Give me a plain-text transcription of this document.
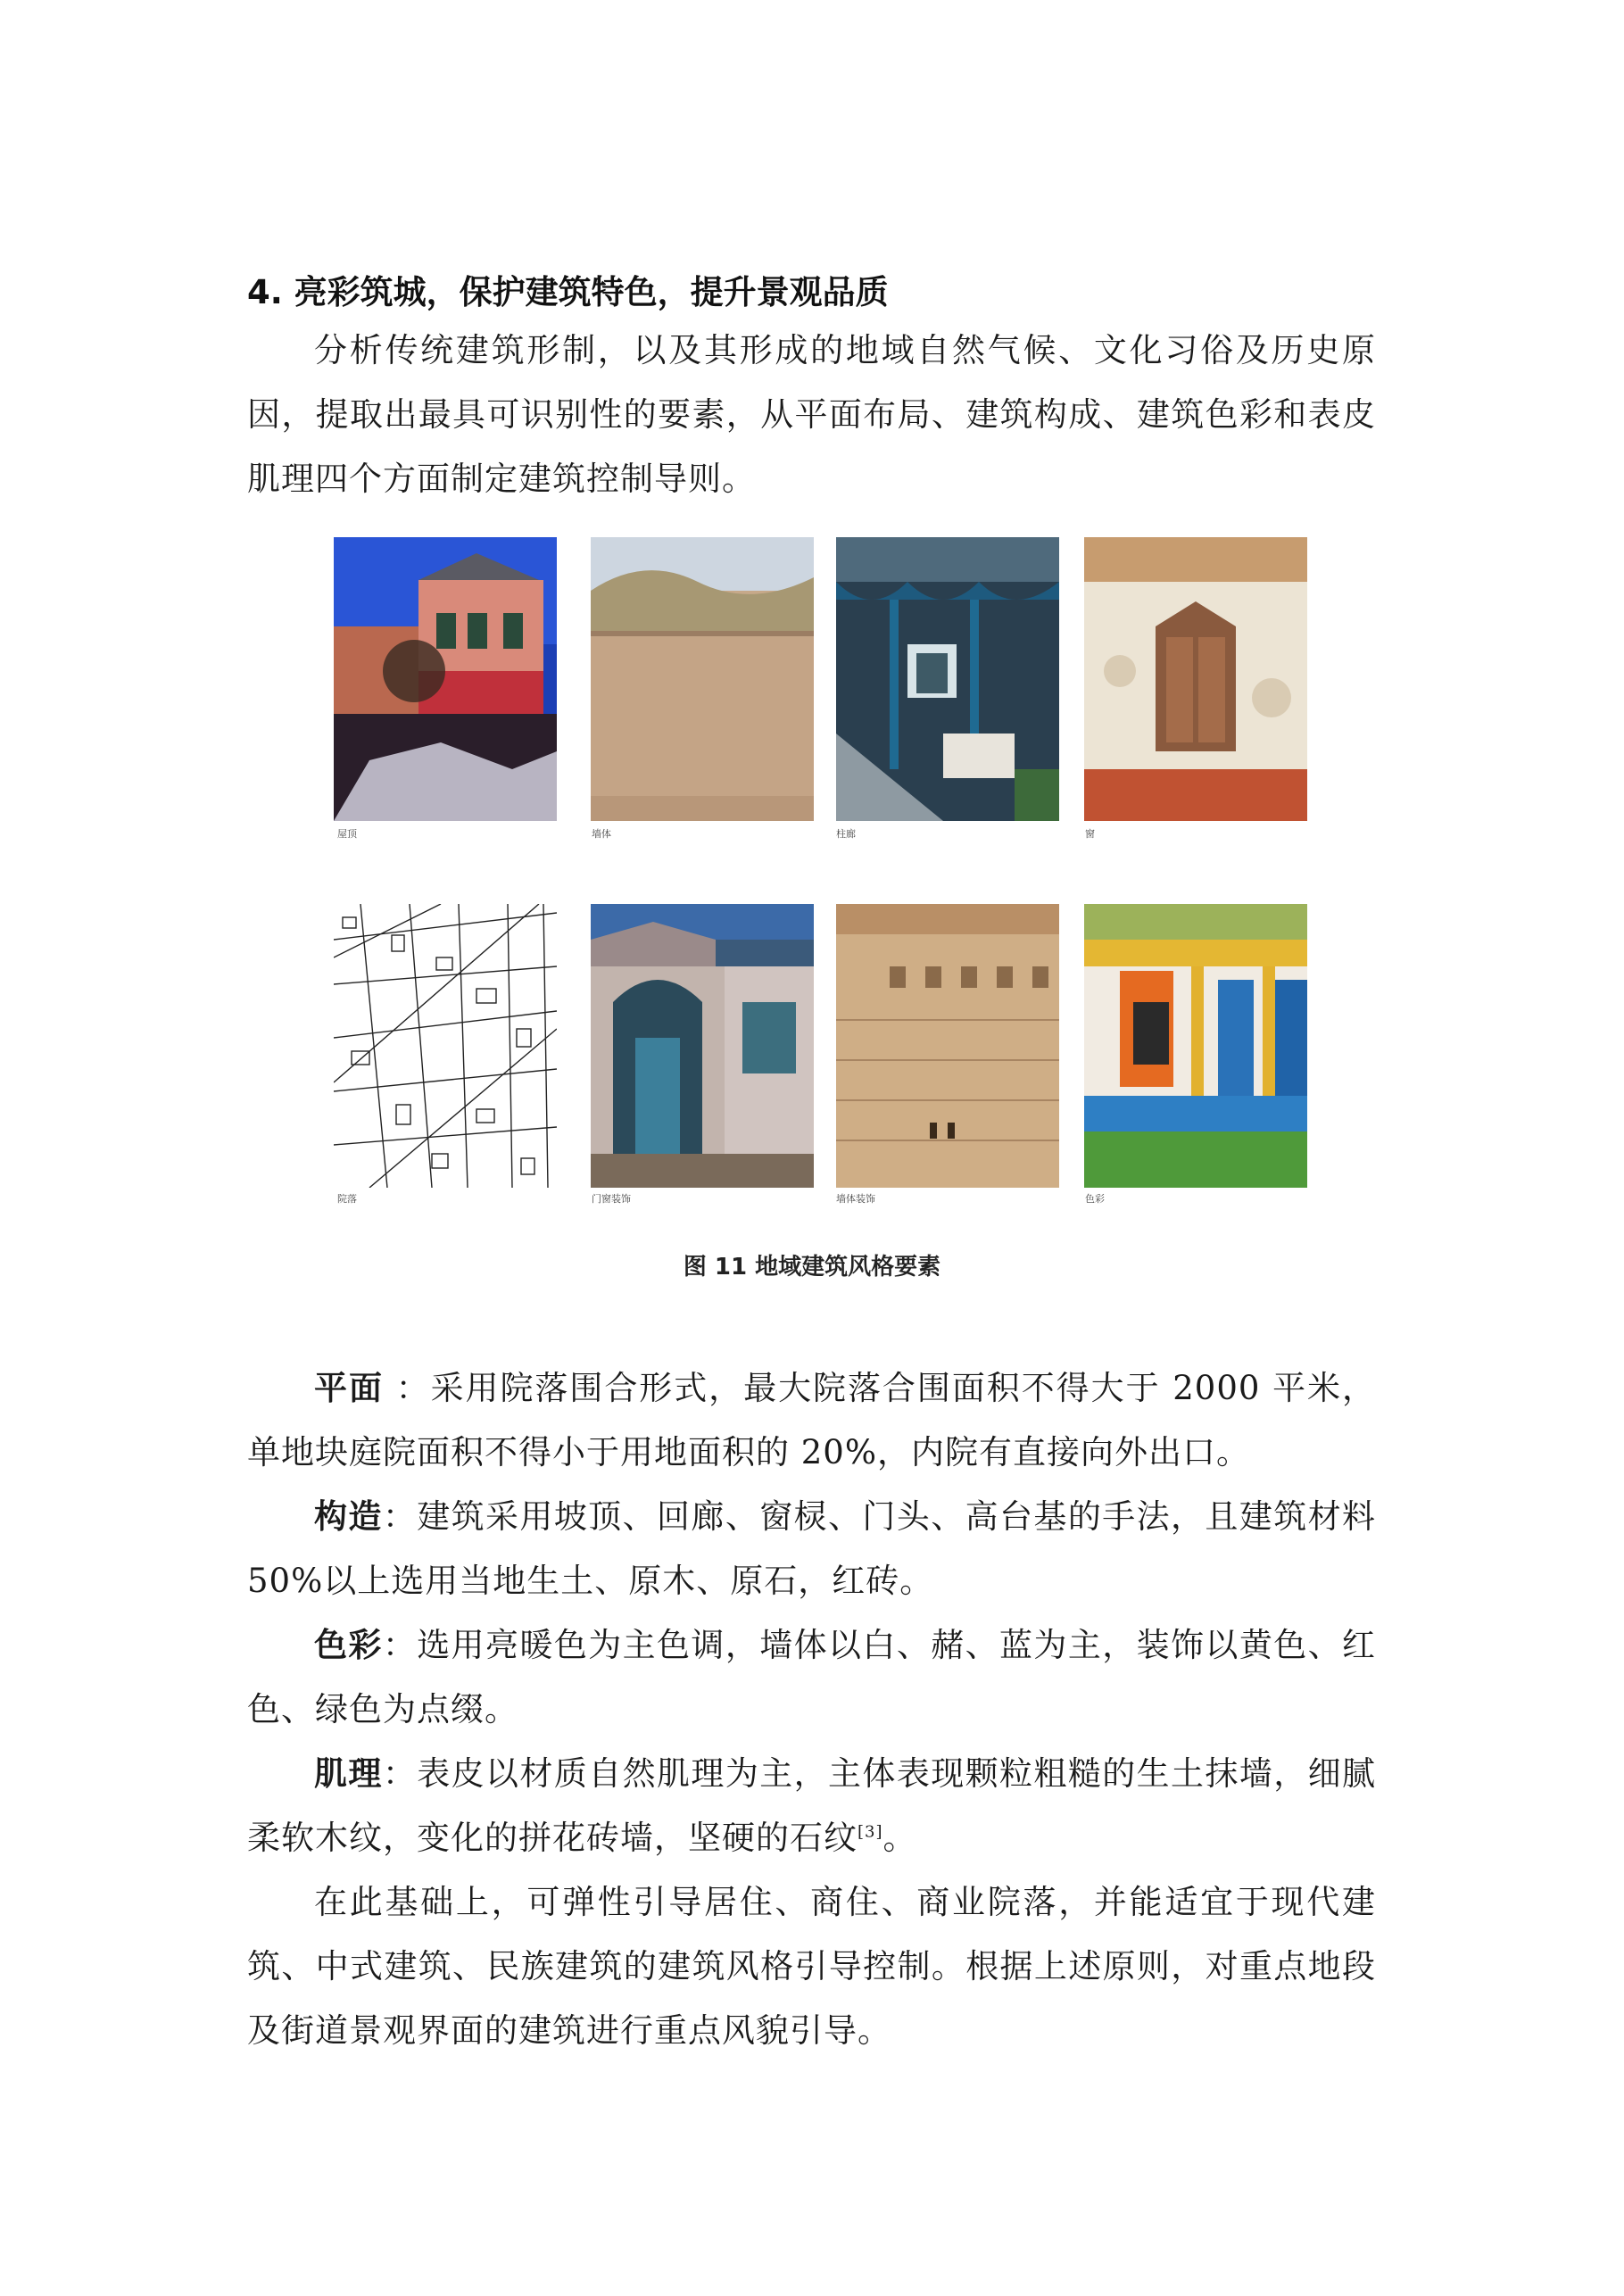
4. 亮彩筑城，保护建筑特色，提升景观品质
分析传统建筑形制，以及其形成的地域自然气候、文化习俗及历史原因，提取出最具可识别性的要素，从平面布局、建筑构成、建筑色彩和表皮肌理四个方面制定建筑控制导则。
屋顶	墙体	柱廊	窗
院落	门窗装饰	墙体装饰	色彩
图 11 地域建筑风格要素
平面 ：采用院落围合形式，最大院落合围面积不得大于 2000 平米，单地块庭院面积不得小于用地面积的 20%，内院有直接向外出口。
构造：建筑采用坡顶、回廊、窗棂、门头、高台基的手法，且建筑材料 50%以上选用当地生土、原木、原石，红砖。
色彩：选用亮暖色为主色调，墙体以白、赭、蓝为主，装饰以黄色、红色、绿色为点缀。
肌理：表皮以材质自然肌理为主，主体表现颗粒粗糙的生土抹墙，细腻柔软木纹，变化的拼花砖墙，坚硬的石纹[3]。
在此基础上，可弹性引导居住、商住、商业院落，并能适宜于现代建筑、中式建筑、民族建筑的建筑风格引导控制。根据上述原则，对重点地段及街道景观界面的建筑进行重点风貌引导。
